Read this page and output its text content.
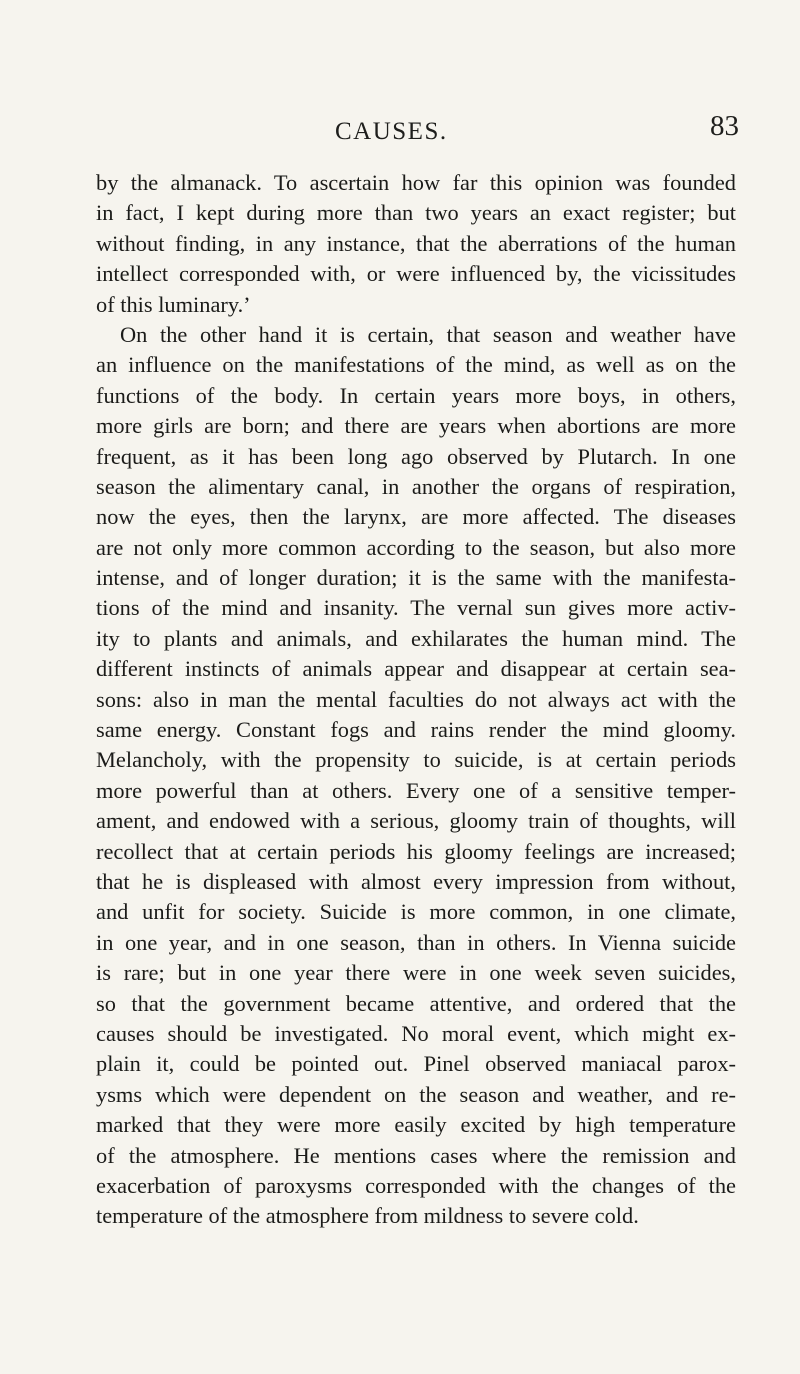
CAUSES.	83

by the almanack. To ascertain how far this opinion was founded
in fact, I kept during more than two years an exact register; but
without finding, in any instance, that the aberrations of the human
intellect corresponded with, or were influenced by, the vicissitudes
of this luminary.’

On the other hand it is certain, that season and weather have
an influence on the manifestations of the mind, as well as on the
functions of the body. In certain years more boys, in others,
more girls are born; and there are years when abortions are more
frequent, as it has been long ago observed by Plutarch. In one
season the alimentary canal, in another the organs of respiration,
now the eyes, then the larynx, are more affected. The diseases
are not only more common according to the season, but also more
intense, and of longer duration; it is the same with the manifesta-
tions of the mind and insanity. The vernal sun gives more activ-
ity to plants and animals, and exhilarates the human mind. The
different instincts of animals appear and disappear at certain sea-
sons: also in man the mental faculties do not always act with the
same energy. Constant fogs and rains render the mind gloomy.
Melancholy, with the propensity to suicide, is at certain periods
more powerful than at others. Every one of a sensitive temper-
ament, and endowed with a serious, gloomy train of thoughts, will
recollect that at certain periods his gloomy feelings are increased;
that he is displeased with almost every impression from without,
and unfit for society. Suicide is more common, in one climate,
in one year, and in one season, than in others. In Vienna suicide
is rare; but in one year there were in one week seven suicides,
so that the government became attentive, and ordered that the
causes should be investigated. No moral event, which might ex-
plain it, could be pointed out. Pinel observed maniacal parox-
ysms which were dependent on the season and weather, and re-
marked that they were more easily excited by high temperature
of the atmosphere. He mentions cases where the remission and
exacerbation of paroxysms corresponded with the changes of the
temperature of the atmosphere from mildness to severe cold.
